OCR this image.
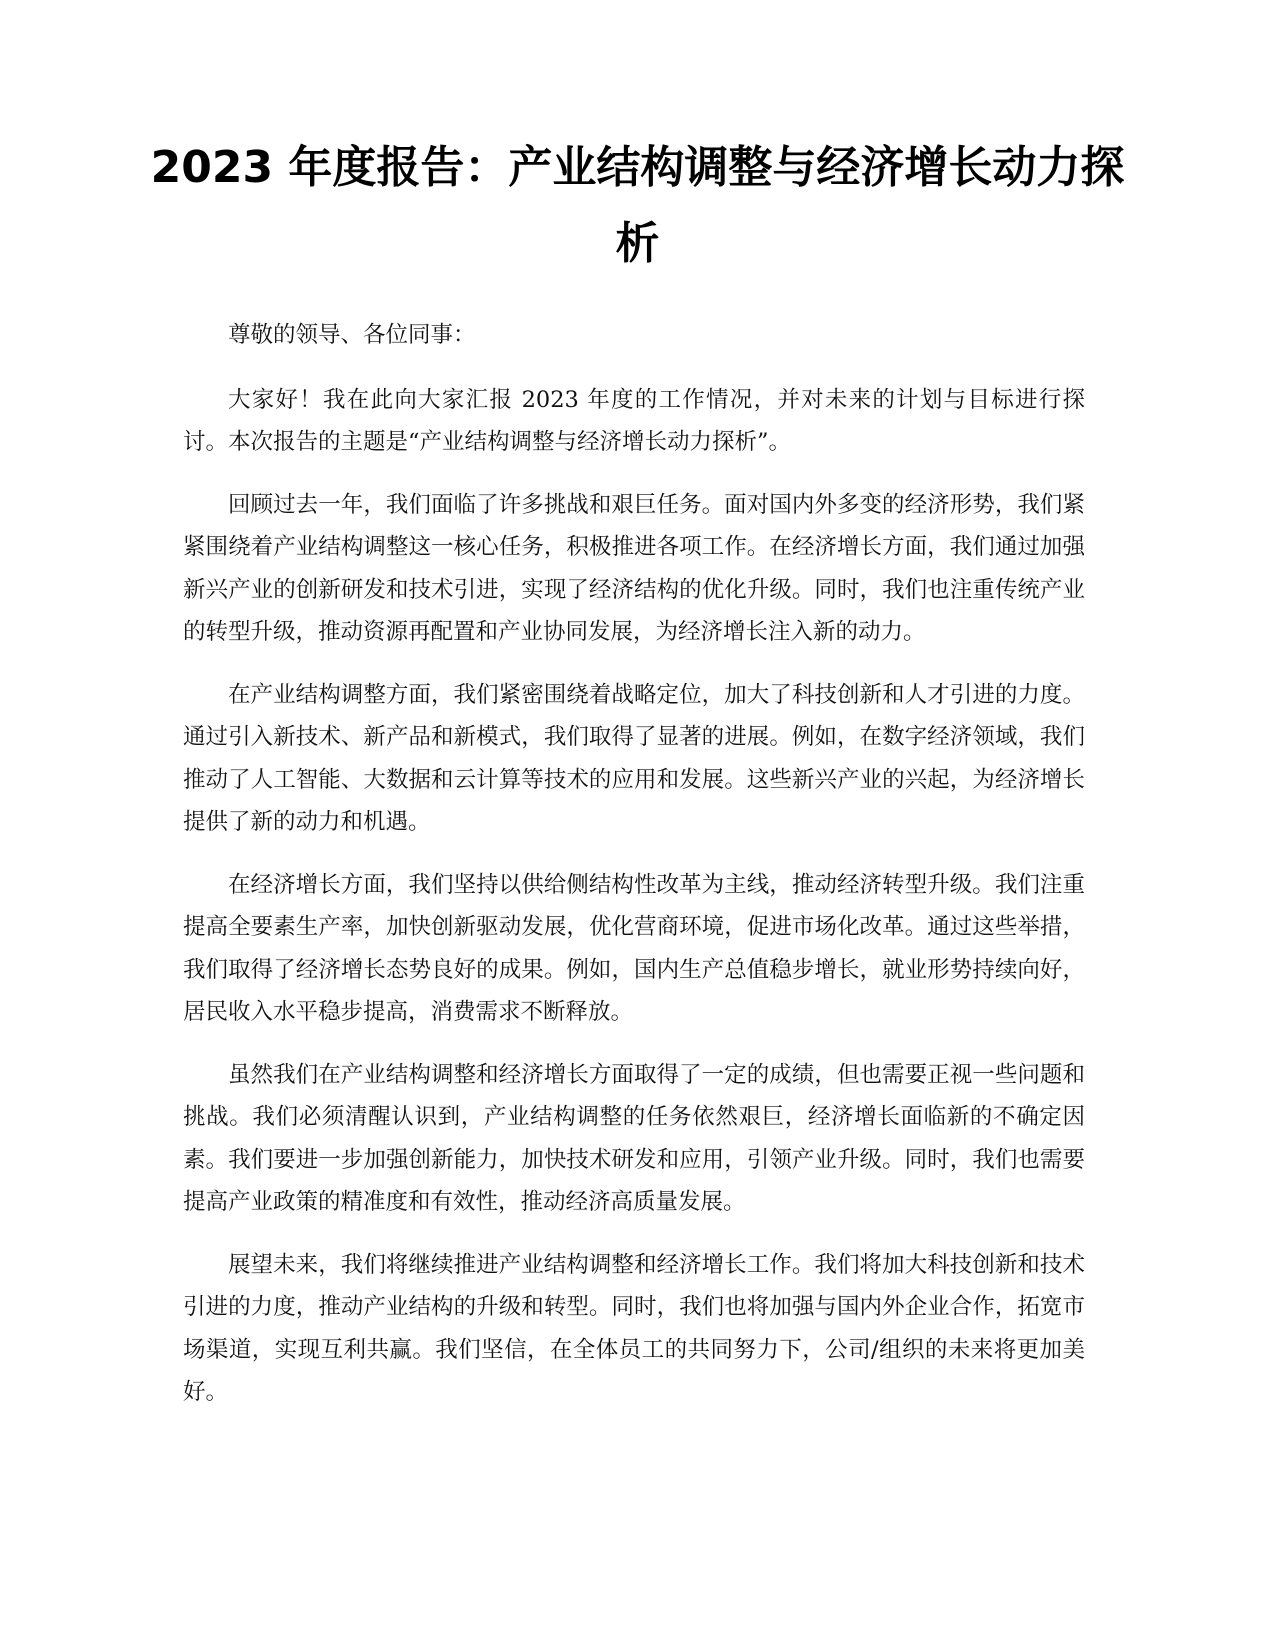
2023 年度报告：产业结构调整与经济增长动力探析

尊敬的领导、各位同事：

大家好！我在此向大家汇报 2023 年度的工作情况，并对未来的计划与目标进行探讨。本次报告的主题是“产业结构调整与经济增长动力探析”。

回顾过去一年，我们面临了许多挑战和艰巨任务。面对国内外多变的经济形势，我们紧紧围绕着产业结构调整这一核心任务，积极推进各项工作。在经济增长方面，我们通过加强新兴产业的创新研发和技术引进，实现了经济结构的优化升级。同时，我们也注重传统产业的转型升级，推动资源再配置和产业协同发展，为经济增长注入新的动力。

在产业结构调整方面，我们紧密围绕着战略定位，加大了科技创新和人才引进的力度。通过引入新技术、新产品和新模式，我们取得了显著的进展。例如，在数字经济领域，我们推动了人工智能、大数据和云计算等技术的应用和发展。这些新兴产业的兴起，为经济增长提供了新的动力和机遇。

在经济增长方面，我们坚持以供给侧结构性改革为主线，推动经济转型升级。我们注重提高全要素生产率，加快创新驱动发展，优化营商环境，促进市场化改革。通过这些举措，我们取得了经济增长态势良好的成果。例如，国内生产总值稳步增长，就业形势持续向好，居民收入水平稳步提高，消费需求不断释放。

虽然我们在产业结构调整和经济增长方面取得了一定的成绩，但也需要正视一些问题和挑战。我们必须清醒认识到，产业结构调整的任务依然艰巨，经济增长面临新的不确定因素。我们要进一步加强创新能力，加快技术研发和应用，引领产业升级。同时，我们也需要提高产业政策的精准度和有效性，推动经济高质量发展。

展望未来，我们将继续推进产业结构调整和经济增长工作。我们将加大科技创新和技术引进的力度，推动产业结构的升级和转型。同时，我们也将加强与国内外企业合作，拓宽市场渠道，实现互利共赢。我们坚信，在全体员工的共同努力下，公司/组织的未来将更加美好。
